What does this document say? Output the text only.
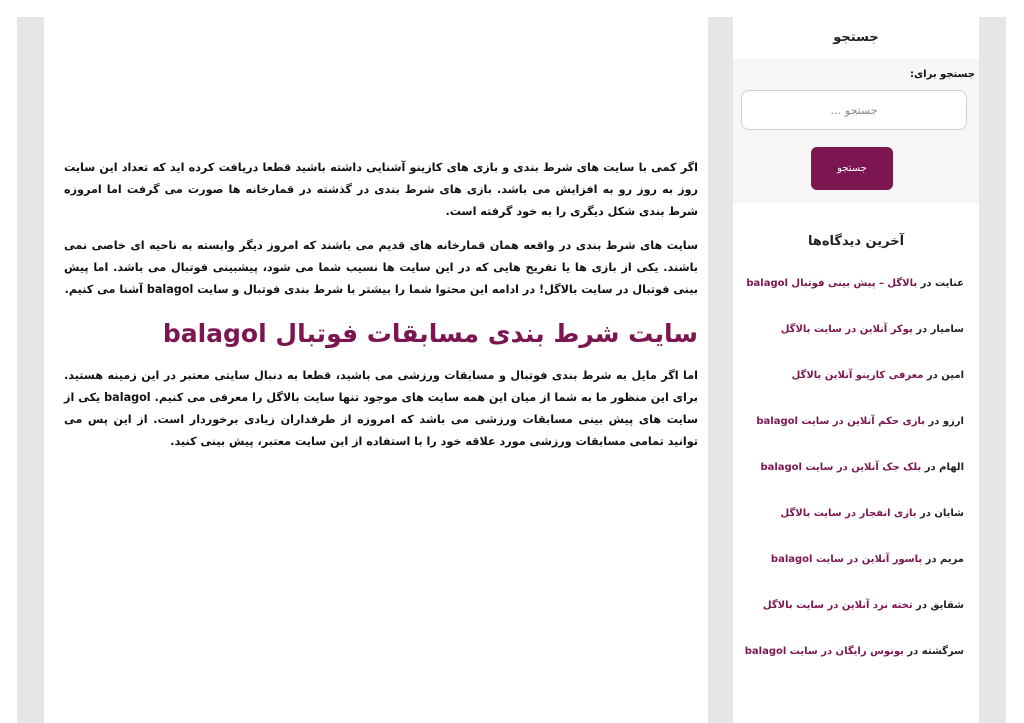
اگر کمی با سایت های شرط بندی و بازی های کازینو آشنایی داشته باشید قطعا دریافت کرده اید که تعداد این سایت روز به روز رو به افزایش می باشد. بازی های شرط بندی در گذشته در قمارخانه ها صورت می گرفت اما امروزه شرط بندی شکل دیگری را به خود گرفته است.

سایت های شرط بندی در واقعه همان قمارخانه های قدیم می باشند که امروز دیگر وابسته به ناحیه ای خاصی نمی باشند. یکی از بازی ها یا تفریح هایی که در این سایت ها نسیب شما می شود، پیشبینی فوتبال می باشد. اما پیش بینی فوتبال در سایت بالاگل! در ادامه این محتوا شما را بیشتر با شرط بندی فوتبال و سایت balagol آشنا می کنیم.

سایت شرط بندی مسابقات فوتبال balagol

اما اگر مایل به شرط بندی فوتبال و مسابقات ورزشی می باشید، قطعا به دنبال سایتی معتبر در این زمینه هستید. برای این منظور ما به شما از میان این همه سایت های موجود تنها سایت بالاگل را معرفی می کنیم. balagol یکی از سایت های پیش بینی مسابقات ورزشی می باشد که امروزه از طرفداران زیادی برخوردار است. از این پس می توانید تمامی مسابقات ورزشی مورد علاقه خود را با استفاده از این سایت معتبر، پیش بینی کنید.

جستجو
جستجو برای:
جستجو …
جستجو
آخرین دیدگاه‌ها
عنایت در بالاگل – پیش بینی فوتبال balagol
سامیار در پوکر آنلاین در سایت بالاگل
امین در معرفی کازینو آنلاین بالاگل
ارزو در بازی حکم آنلاین در سایت balagol
الهام در بلک جک آنلاین در سایت balagol
شایان در بازی انفجار در سایت بالاگل
مریم در پاسور آنلاین در سایت balagol
شقایق در تخته نرد آنلاین در سایت بالاگل
سرگشته در بونوس رایگان در سایت balagol
